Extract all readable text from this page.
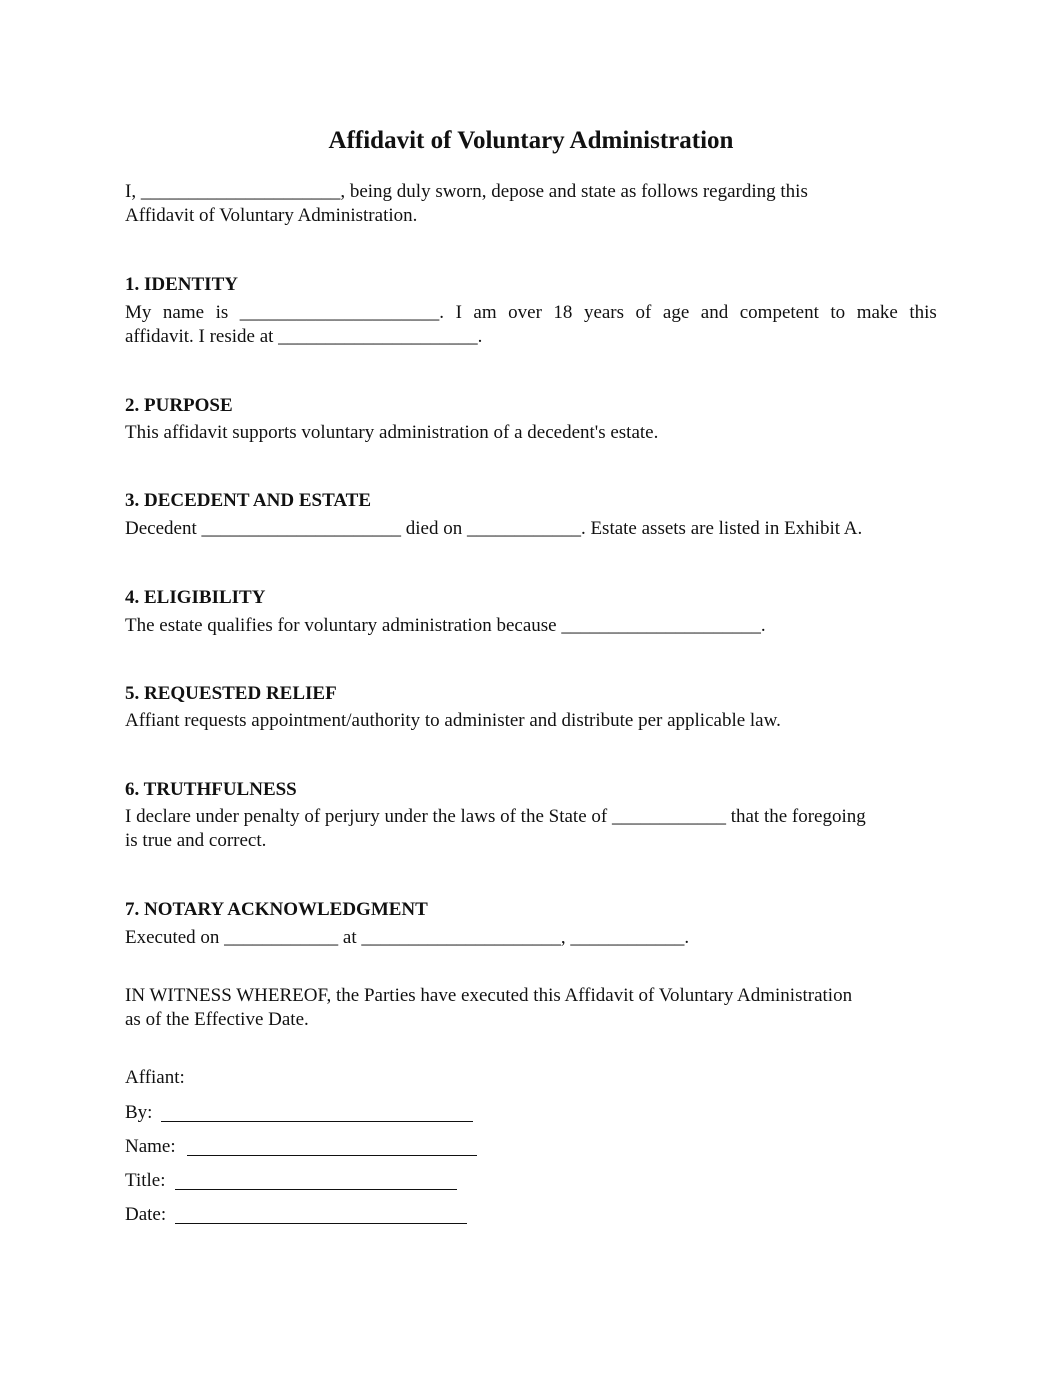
Affidavit of Voluntary Administration
I, _____________________, being duly sworn, depose and state as follows regarding this
Affidavit of Voluntary Administration.
1. IDENTITY
My name is _____________________. I am over 18 years of age and competent to make this
affidavit. I reside at _____________________.
2. PURPOSE
This affidavit supports voluntary administration of a decedent's estate.
3. DECEDENT AND ESTATE
Decedent _____________________ died on ____________. Estate assets are listed in Exhibit A.
4. ELIGIBILITY
The estate qualifies for voluntary administration because _____________________.
5. REQUESTED RELIEF
Affiant requests appointment/authority to administer and distribute per applicable law.
6. TRUTHFULNESS
I declare under penalty of perjury under the laws of the State of ____________ that the foregoing
is true and correct.
7. NOTARY ACKNOWLEDGMENT
Executed on ____________ at _____________________, ____________.
IN WITNESS WHEREOF, the Parties have executed this Affidavit of Voluntary Administration
as of the Effective Date.
Affiant:
By:
Name:
Title:
Date:
